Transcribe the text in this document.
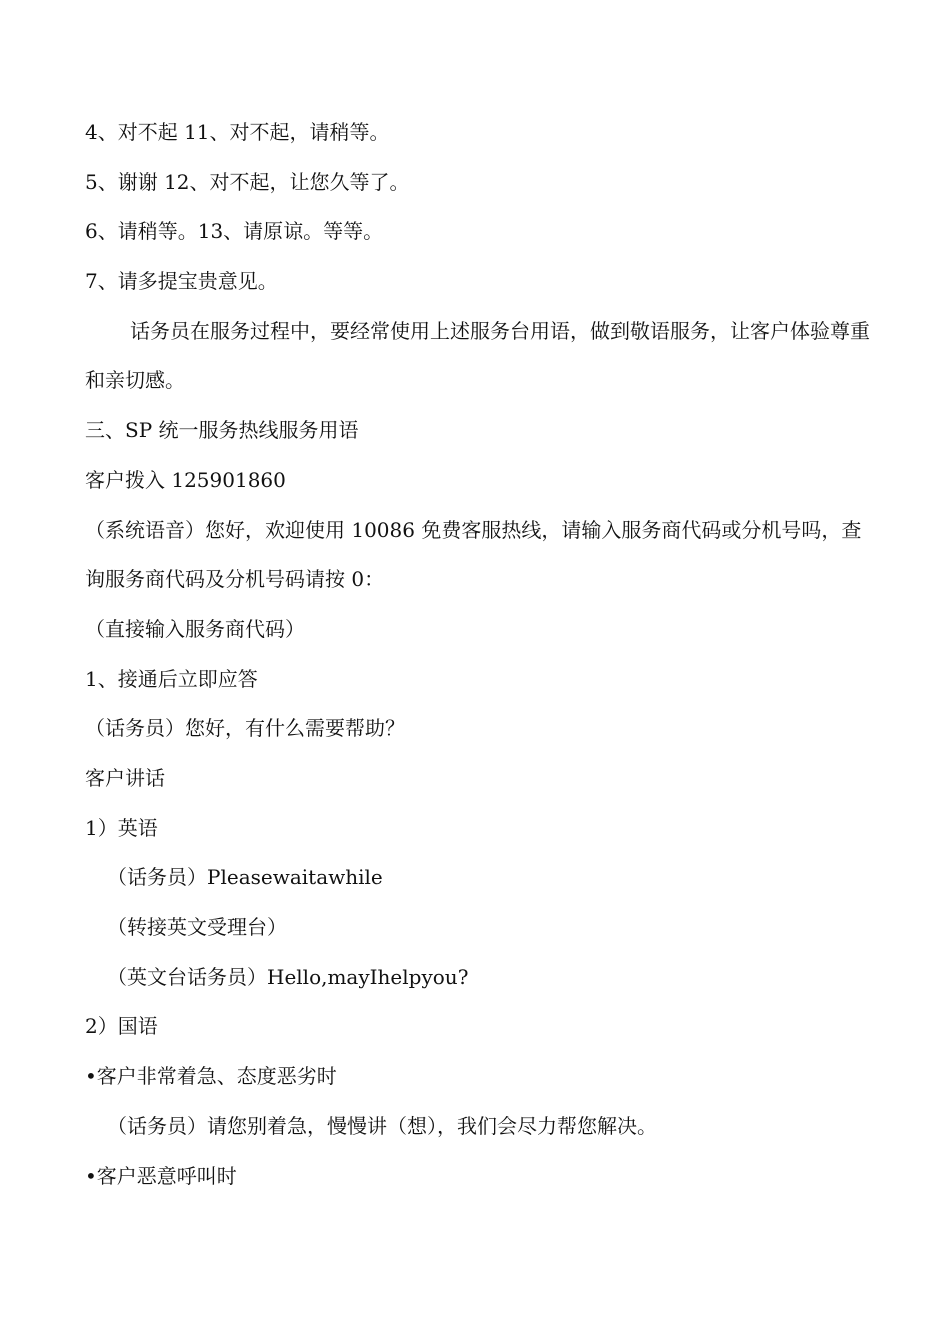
4、对不起 11、对不起，请稍等。

5、谢谢 12、对不起，让您久等了。

6、请稍等。13、请原谅。等等。

7、请多提宝贵意见。

话务员在服务过程中，要经常使用上述服务台用语，做到敬语服务，让客户体验尊重和亲切感。

三、SP 统一服务热线服务用语

客户拨入 125901860

（系统语音）您好，欢迎使用 10086 免费客服热线，请输入服务商代码或分机号吗，查询服务商代码及分机号码请按 0：

（直接输入服务商代码）

1、接通后立即应答

（话务员）您好，有什么需要帮助？

客户讲话

1）英语

（话务员）Pleasewaitawhile

（转接英文受理台）

（英文台话务员）Hello,mayIhelpyou?

2）国语

•客户非常着急、态度恶劣时

（话务员）请您别着急，慢慢讲（想），我们会尽力帮您解决。

•客户恶意呼叫时
